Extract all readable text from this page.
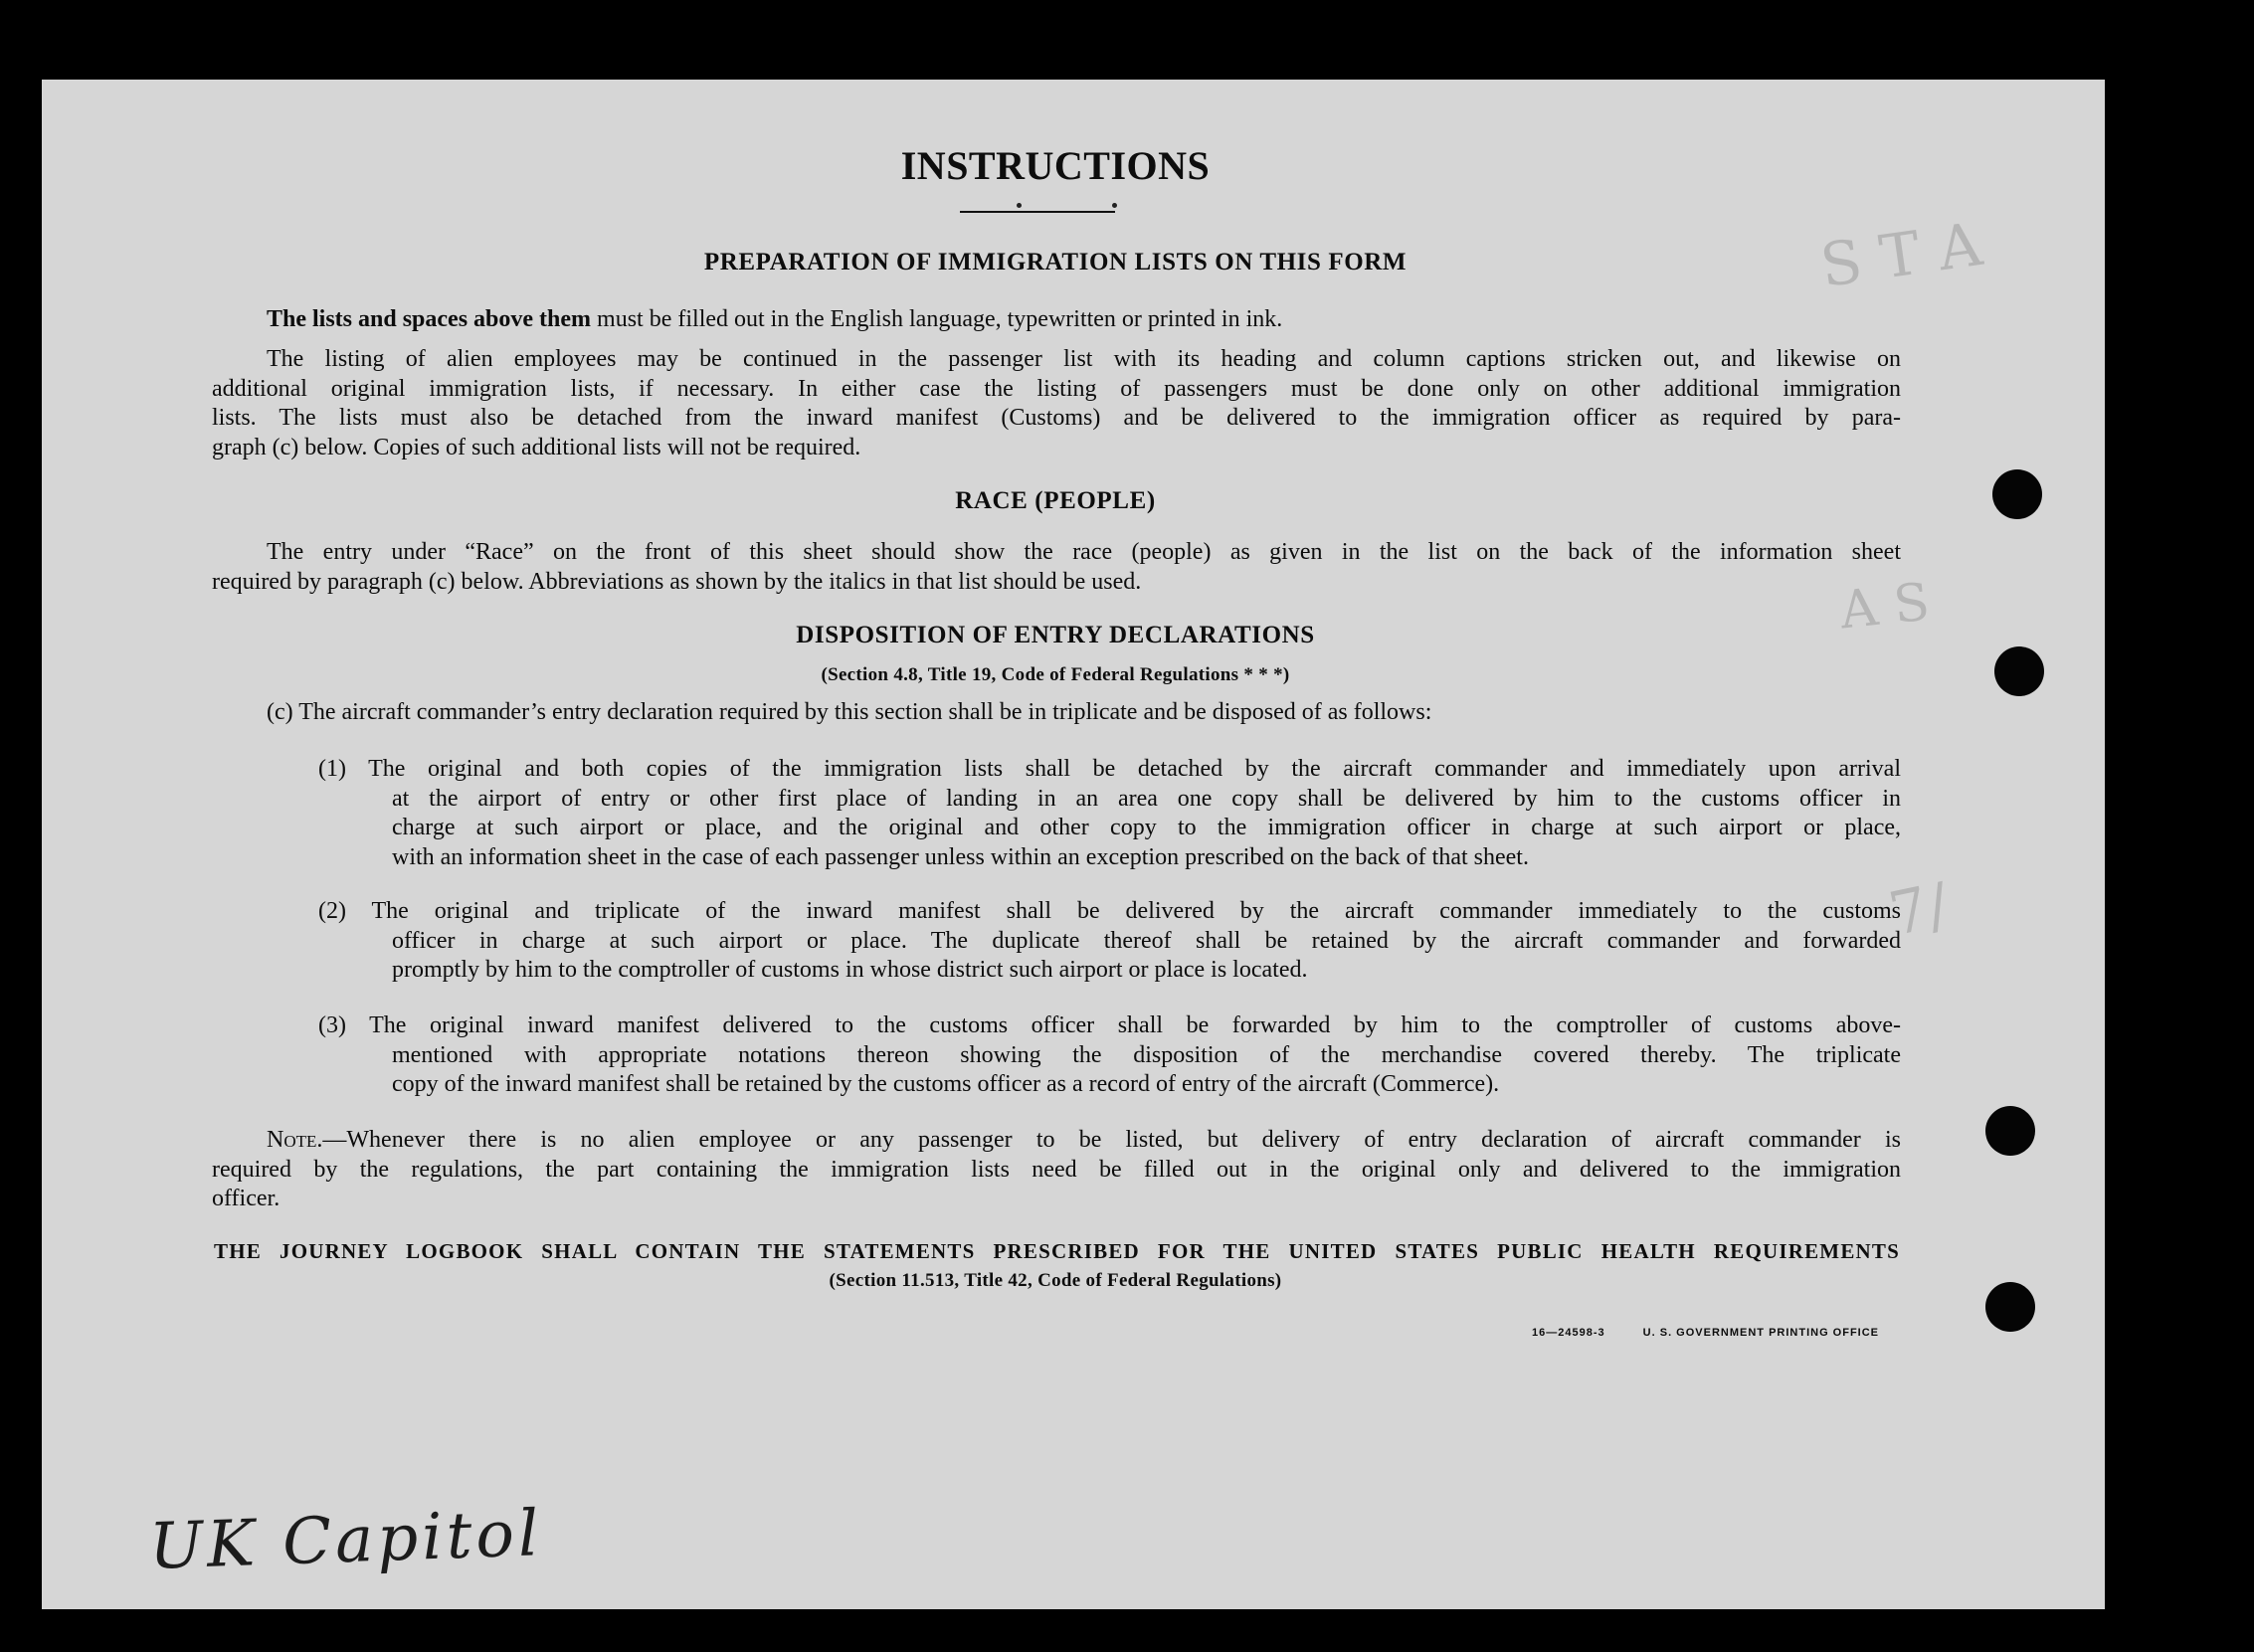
S T A
A S
7/
INSTRUCTIONS
PREPARATION OF IMMIGRATION LISTS ON THIS FORM
The lists and spaces above them must be filled out in the English language, typewritten or printed in ink.
The listing of alien employees may be continued in the passenger list with its heading and column captions stricken out, and likewise on
additional original immigration lists, if necessary. In either case the listing of passengers must be done only on other additional immigration
lists. The lists must also be detached from the inward manifest (Customs) and be delivered to the immigration officer as required by para-
graph (c) below. Copies of such additional lists will not be required.
RACE (PEOPLE)
The entry under “Race” on the front of this sheet should show the race (people) as given in the list on the back of the information sheet
required by paragraph (c) below. Abbreviations as shown by the italics in that list should be used.
DISPOSITION OF ENTRY DECLARATIONS
(Section 4.8, Title 19, Code of Federal Regulations * * *)
(c) The aircraft commander’s entry declaration required by this section shall be in triplicate and be disposed of as follows:
(1) The original and both copies of the immigration lists shall be detached by the aircraft commander and immediately upon arrival
at the airport of entry or other first place of landing in an area one copy shall be delivered by him to the customs officer in
charge at such airport or place, and the original and other copy to the immigration officer in charge at such airport or place,
with an information sheet in the case of each passenger unless within an exception prescribed on the back of that sheet.
(2) The original and triplicate of the inward manifest shall be delivered by the aircraft commander immediately to the customs
officer in charge at such airport or place. The duplicate thereof shall be retained by the aircraft commander and forwarded
promptly by him to the comptroller of customs in whose district such airport or place is located.
(3) The original inward manifest delivered to the customs officer shall be forwarded by him to the comptroller of customs above-
mentioned with appropriate notations thereon showing the disposition of the merchandise covered thereby. The triplicate
copy of the inward manifest shall be retained by the customs officer as a record of entry of the aircraft (Commerce).
Note.—Whenever there is no alien employee or any passenger to be listed, but delivery of entry declaration of aircraft commander is
required by the regulations, the part containing the immigration lists need be filled out in the original only and delivered to the immigration
officer.
THE JOURNEY LOGBOOK SHALL CONTAIN THE STATEMENTS PRESCRIBED FOR THE UNITED STATES PUBLIC HEALTH REQUIREMENTS
(Section 11.513, Title 42, Code of Federal Regulations)
16—24598-3	U. S. GOVERNMENT PRINTING OFFICE
UK Capitol
